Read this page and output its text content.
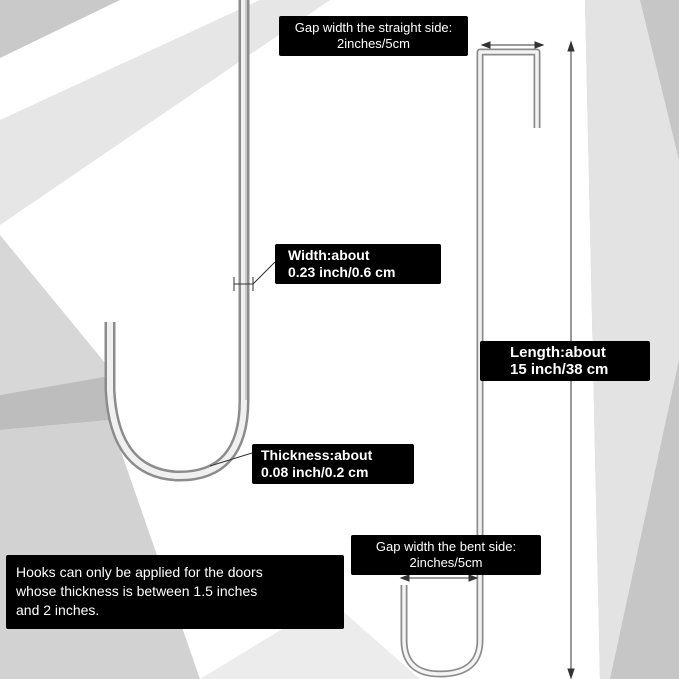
Gap width the straight side:
2inches/5cm
Width:about
0.23 inch/0.6 cm
Length:about
15 inch/38 cm
Thickness:about
0.08 inch/0.2 cm
Gap width the bent side:
2inches/5cm
Hooks can only be applied for the doors
whose thickness is between 1.5 inches
and 2 inches.
